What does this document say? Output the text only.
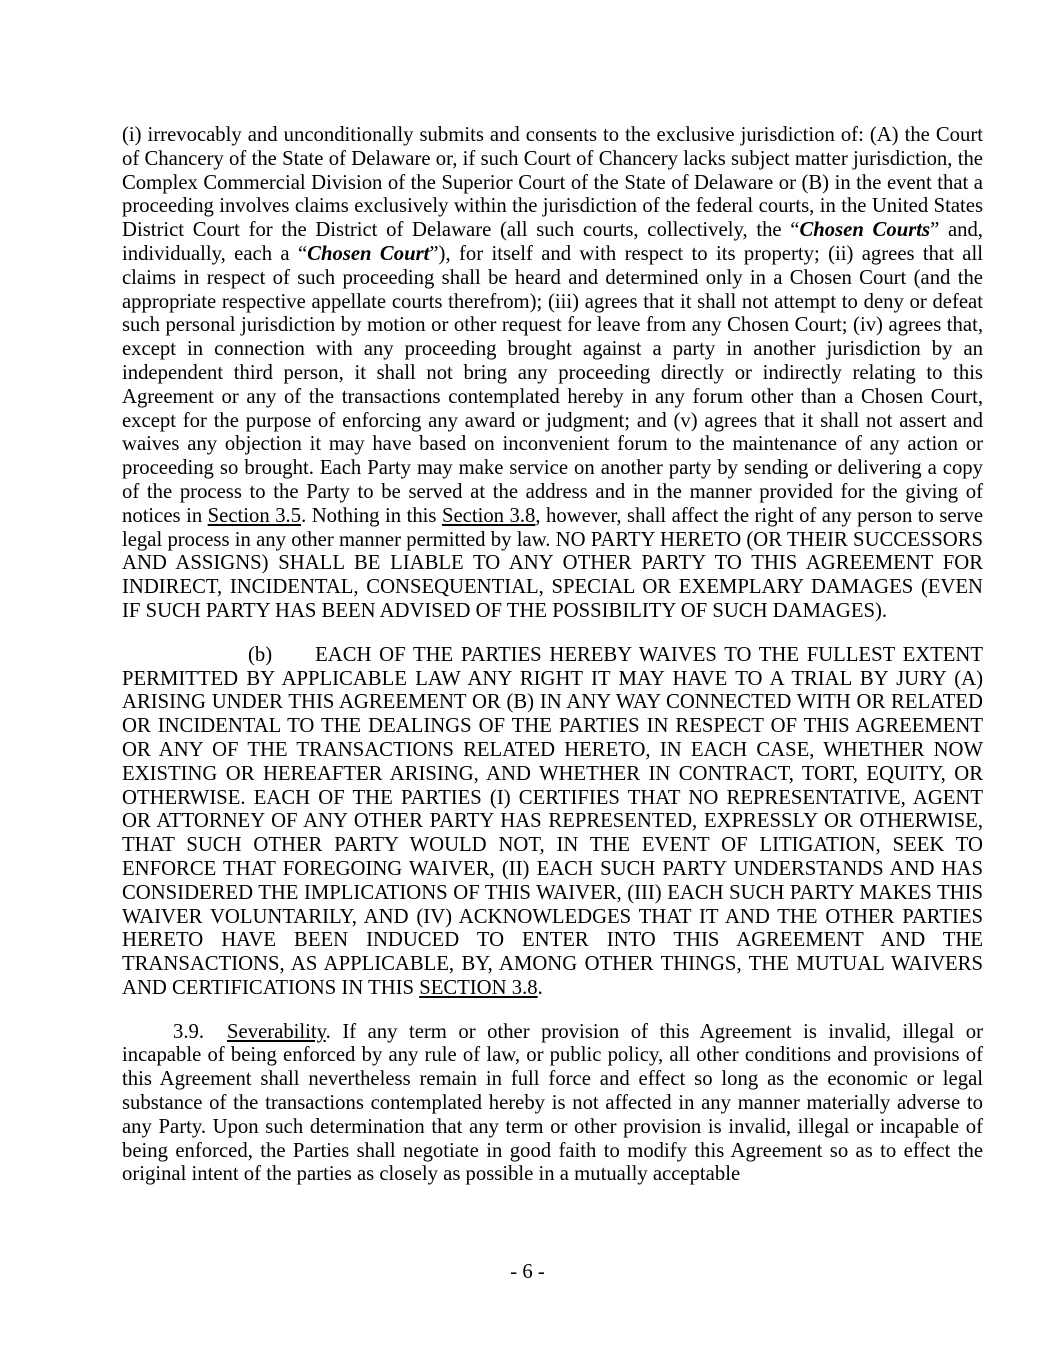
(i) irrevocably and unconditionally submits and consents to the exclusive jurisdiction of: (A) the Court of Chancery of the State of Delaware or, if such Court of Chancery lacks subject matter jurisdiction, the Complex Commercial Division of the Superior Court of the State of Delaware or (B) in the event that a proceeding involves claims exclusively within the jurisdiction of the federal courts, in the United States District Court for the District of Delaware (all such courts, collectively, the “Chosen Courts” and, individually, each a “Chosen Court”), for itself and with respect to its property; (ii) agrees that all claims in respect of such proceeding shall be heard and determined only in a Chosen Court (and the appropriate respective appellate courts therefrom); (iii) agrees that it shall not attempt to deny or defeat such personal jurisdiction by motion or other request for leave from any Chosen Court; (iv) agrees that, except in connection with any proceeding brought against a party in another jurisdiction by an independent third person, it shall not bring any proceeding directly or indirectly relating to this Agreement or any of the transactions contemplated hereby in any forum other than a Chosen Court, except for the purpose of enforcing any award or judgment; and (v) agrees that it shall not assert and waives any objection it may have based on inconvenient forum to the maintenance of any action or proceeding so brought. Each Party may make service on another party by sending or delivering a copy of the process to the Party to be served at the address and in the manner provided for the giving of notices in Section 3.5. Nothing in this Section 3.8, however, shall affect the right of any person to serve legal process in any other manner permitted by law. NO PARTY HERETO (OR THEIR SUCCESSORS AND ASSIGNS) SHALL BE LIABLE TO ANY OTHER PARTY TO THIS AGREEMENT FOR INDIRECT, INCIDENTAL, CONSEQUENTIAL, SPECIAL OR EXEMPLARY DAMAGES (EVEN IF SUCH PARTY HAS BEEN ADVISED OF THE POSSIBILITY OF SUCH DAMAGES).

(b) EACH OF THE PARTIES HEREBY WAIVES TO THE FULLEST EXTENT PERMITTED BY APPLICABLE LAW ANY RIGHT IT MAY HAVE TO A TRIAL BY JURY (A) ARISING UNDER THIS AGREEMENT OR (B) IN ANY WAY CONNECTED WITH OR RELATED OR INCIDENTAL TO THE DEALINGS OF THE PARTIES IN RESPECT OF THIS AGREEMENT OR ANY OF THE TRANSACTIONS RELATED HERETO, IN EACH CASE, WHETHER NOW EXISTING OR HEREAFTER ARISING, AND WHETHER IN CONTRACT, TORT, EQUITY, OR OTHERWISE. EACH OF THE PARTIES (I) CERTIFIES THAT NO REPRESENTATIVE, AGENT OR ATTORNEY OF ANY OTHER PARTY HAS REPRESENTED, EXPRESSLY OR OTHERWISE, THAT SUCH OTHER PARTY WOULD NOT, IN THE EVENT OF LITIGATION, SEEK TO ENFORCE THAT FOREGOING WAIVER, (II) EACH SUCH PARTY UNDERSTANDS AND HAS CONSIDERED THE IMPLICATIONS OF THIS WAIVER, (III) EACH SUCH PARTY MAKES THIS WAIVER VOLUNTARILY, AND (IV) ACKNOWLEDGES THAT IT AND THE OTHER PARTIES HERETO HAVE BEEN INDUCED TO ENTER INTO THIS AGREEMENT AND THE TRANSACTIONS, AS APPLICABLE, BY, AMONG OTHER THINGS, THE MUTUAL WAIVERS AND CERTIFICATIONS IN THIS SECTION 3.8.

3.9. Severability. If any term or other provision of this Agreement is invalid, illegal or incapable of being enforced by any rule of law, or public policy, all other conditions and provisions of this Agreement shall nevertheless remain in full force and effect so long as the economic or legal substance of the transactions contemplated hereby is not affected in any manner materially adverse to any Party. Upon such determination that any term or other provision is invalid, illegal or incapable of being enforced, the Parties shall negotiate in good faith to modify this Agreement so as to effect the original intent of the parties as closely as possible in a mutually acceptable

- 6 -
